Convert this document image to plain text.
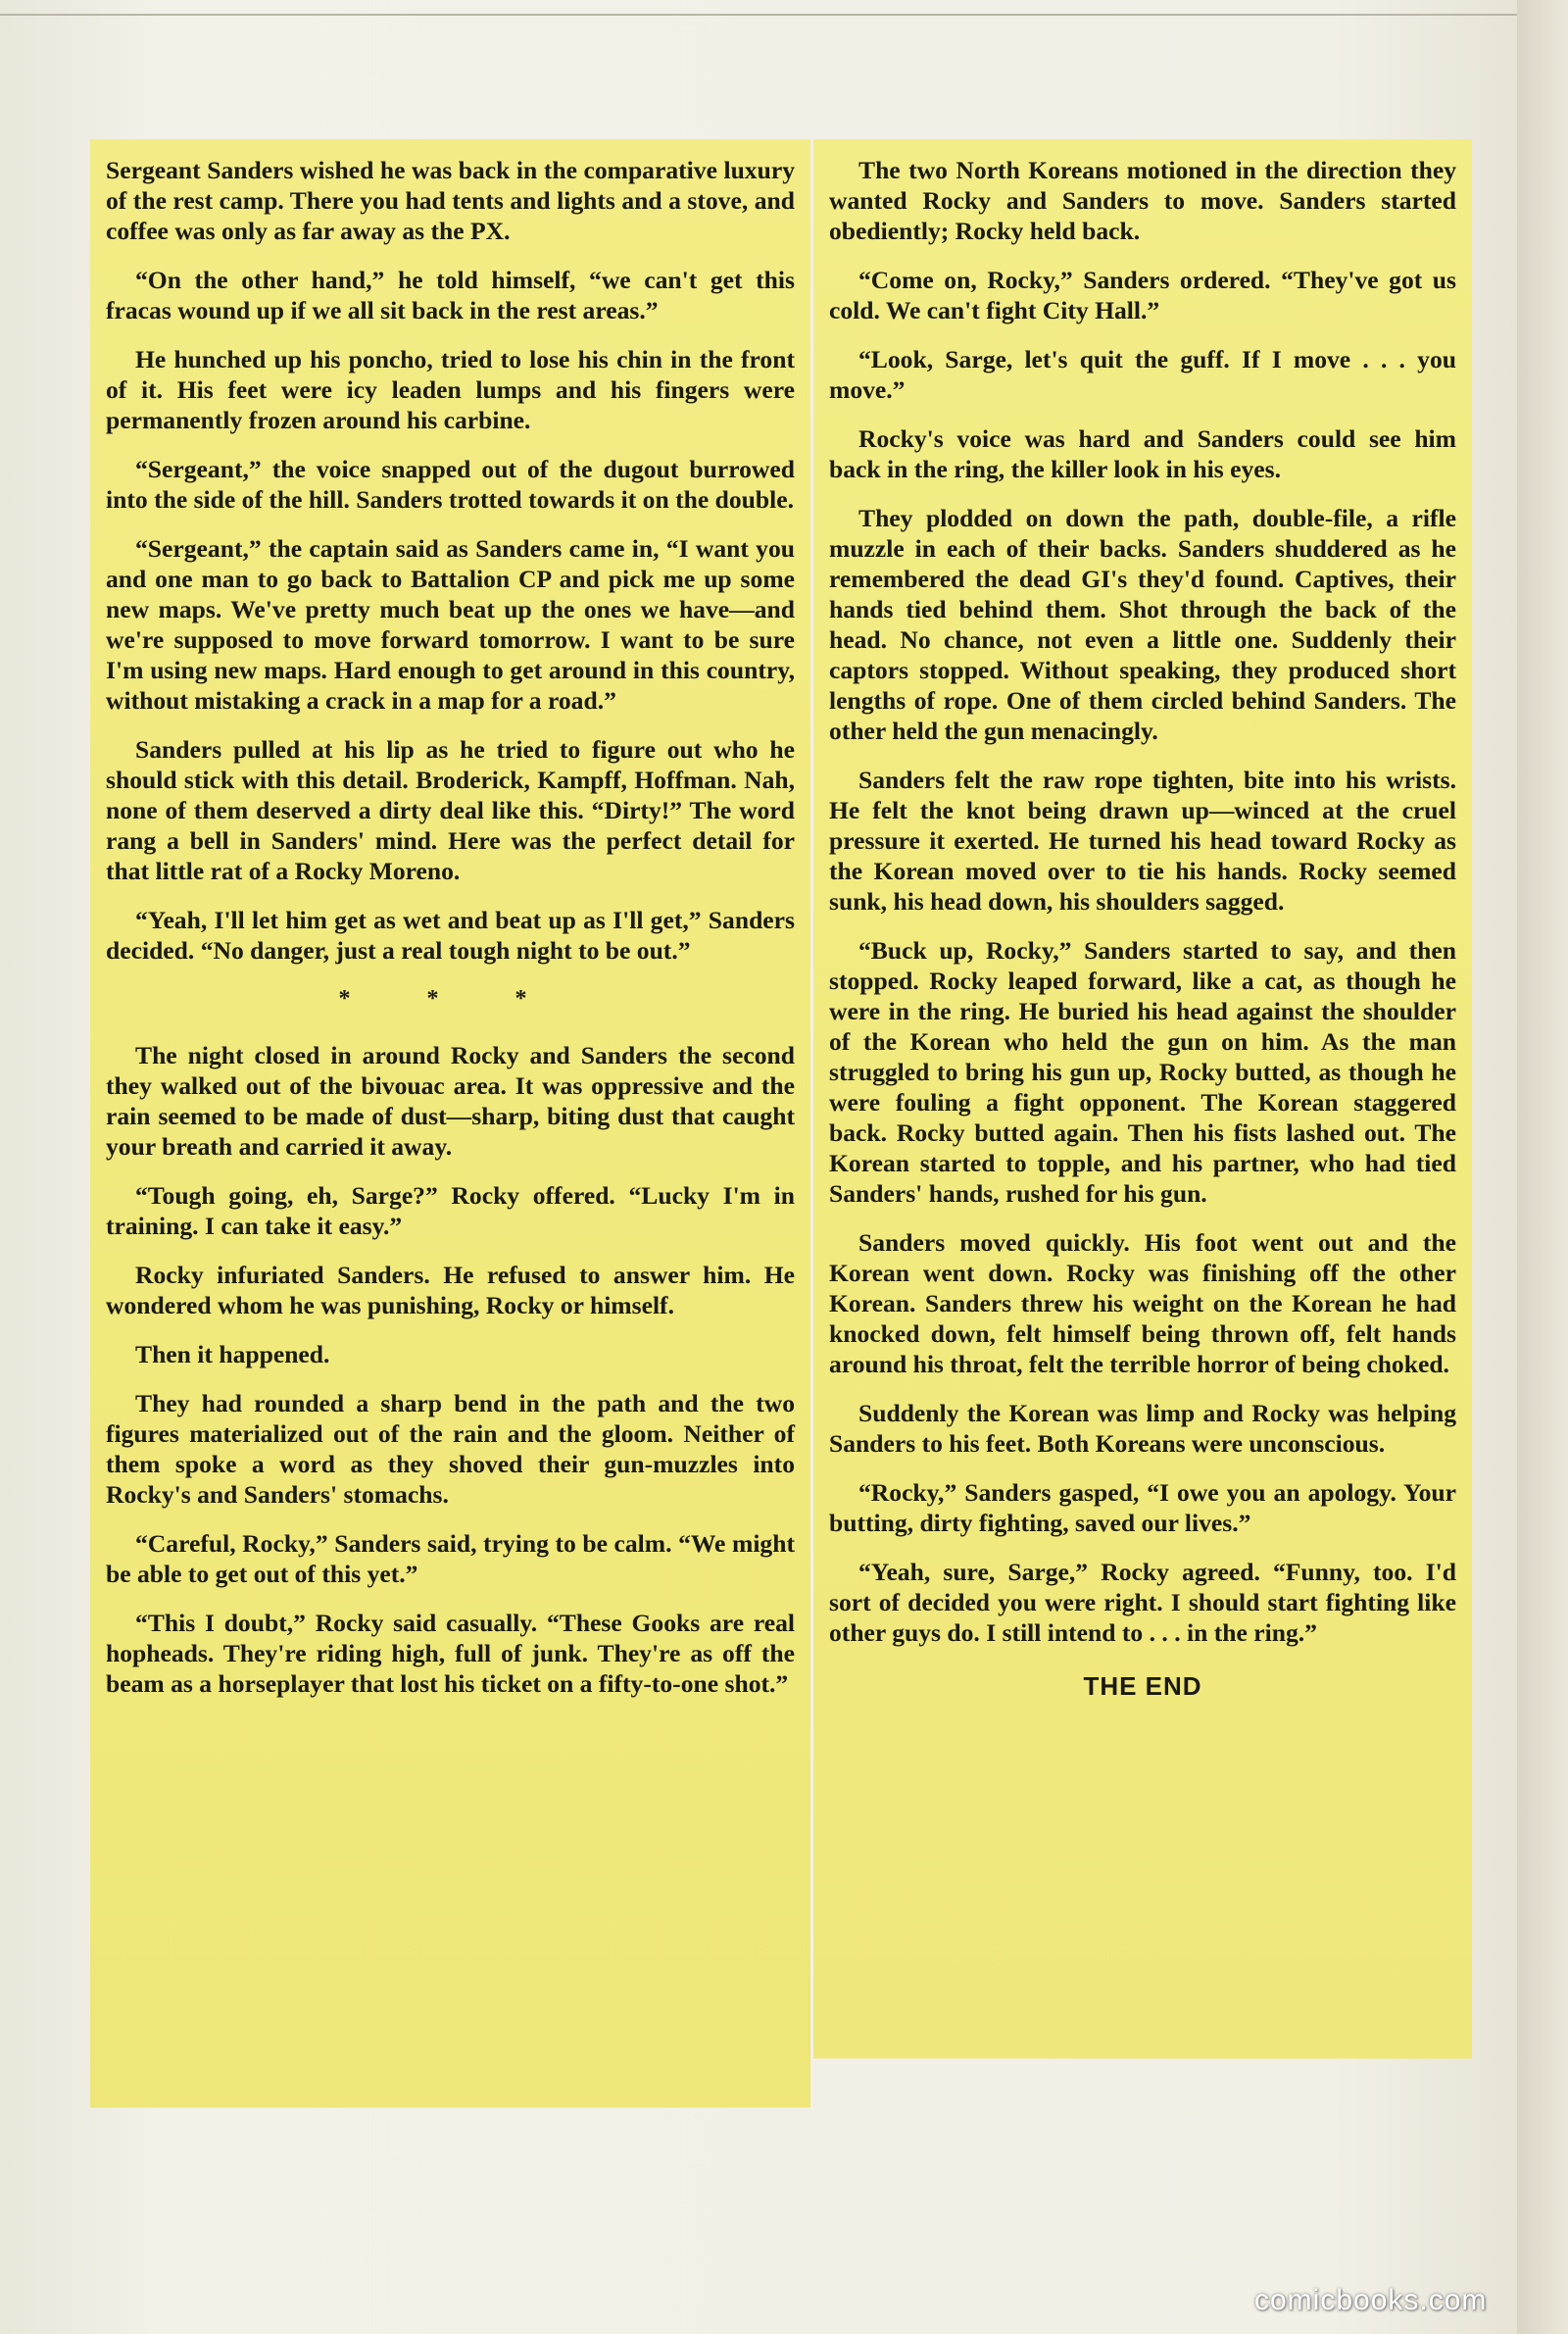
Sergeant Sanders wished he was back in the comparative luxury of the rest camp. There you had tents and lights and a stove, and coffee was only as far away as the PX.

“On the other hand,” he told himself, “we can't get this fracas wound up if we all sit back in the rest areas.”

He hunched up his poncho, tried to lose his chin in the front of it. His feet were icy leaden lumps and his fingers were permanently frozen around his carbine.

“Sergeant,” the voice snapped out of the dugout burrowed into the side of the hill. Sanders trotted towards it on the double.

“Sergeant,” the captain said as Sanders came in, “I want you and one man to go back to Battalion CP and pick me up some new maps. We've pretty much beat up the ones we have—and we're supposed to move forward tomorrow. I want to be sure I'm using new maps. Hard enough to get around in this country, without mistaking a crack in a map for a road.”

Sanders pulled at his lip as he tried to figure out who he should stick with this detail. Broderick, Kampff, Hoffman. Nah, none of them deserved a dirty deal like this. “Dirty!” The word rang a bell in Sanders' mind. Here was the perfect detail for that little rat of a Rocky Moreno.

“Yeah, I'll let him get as wet and beat up as I'll get,” Sanders decided. “No danger, just a real tough night to be out.”

* * *

The night closed in around Rocky and Sanders the second they walked out of the bivouac area. It was oppressive and the rain seemed to be made of dust—sharp, biting dust that caught your breath and carried it away.

“Tough going, eh, Sarge?” Rocky offered. “Lucky I'm in training. I can take it easy.”

Rocky infuriated Sanders. He refused to answer him. He wondered whom he was punishing, Rocky or himself.

Then it happened.

They had rounded a sharp bend in the path and the two figures materialized out of the rain and the gloom. Neither of them spoke a word as they shoved their gun-muzzles into Rocky's and Sanders' stomachs.

“Careful, Rocky,” Sanders said, trying to be calm. “We might be able to get out of this yet.”

“This I doubt,” Rocky said casually. “These Gooks are real hopheads. They're riding high, full of junk. They're as off the beam as a horseplayer that lost his ticket on a fifty-to-one shot.”

The two North Koreans motioned in the direction they wanted Rocky and Sanders to move. Sanders started obediently; Rocky held back.

“Come on, Rocky,” Sanders ordered. “They've got us cold. We can't fight City Hall.”

“Look, Sarge, let's quit the guff. If I move . . . you move.”

Rocky's voice was hard and Sanders could see him back in the ring, the killer look in his eyes.

They plodded on down the path, double-file, a rifle muzzle in each of their backs. Sanders shuddered as he remembered the dead GI's they'd found. Captives, their hands tied behind them. Shot through the back of the head. No chance, not even a little one. Suddenly their captors stopped. Without speaking, they produced short lengths of rope. One of them circled behind Sanders. The other held the gun menacingly.

Sanders felt the raw rope tighten, bite into his wrists. He felt the knot being drawn up—winced at the cruel pressure it exerted. He turned his head toward Rocky as the Korean moved over to tie his hands. Rocky seemed sunk, his head down, his shoulders sagged.

“Buck up, Rocky,” Sanders started to say, and then stopped. Rocky leaped forward, like a cat, as though he were in the ring. He buried his head against the shoulder of the Korean who held the gun on him. As the man struggled to bring his gun up, Rocky butted, as though he were fouling a fight opponent. The Korean staggered back. Rocky butted again. Then his fists lashed out. The Korean started to topple, and his partner, who had tied Sanders' hands, rushed for his gun.

Sanders moved quickly. His foot went out and the Korean went down. Rocky was finishing off the other Korean. Sanders threw his weight on the Korean he had knocked down, felt himself being thrown off, felt hands around his throat, felt the terrible horror of being choked.

Suddenly the Korean was limp and Rocky was helping Sanders to his feet. Both Koreans were unconscious.

“Rocky,” Sanders gasped, “I owe you an apology. Your butting, dirty fighting, saved our lives.”

“Yeah, sure, Sarge,” Rocky agreed. “Funny, too. I'd sort of decided you were right. I should start fighting like other guys do. I still intend to . . . in the ring.”

THE END
comicbooks.com
